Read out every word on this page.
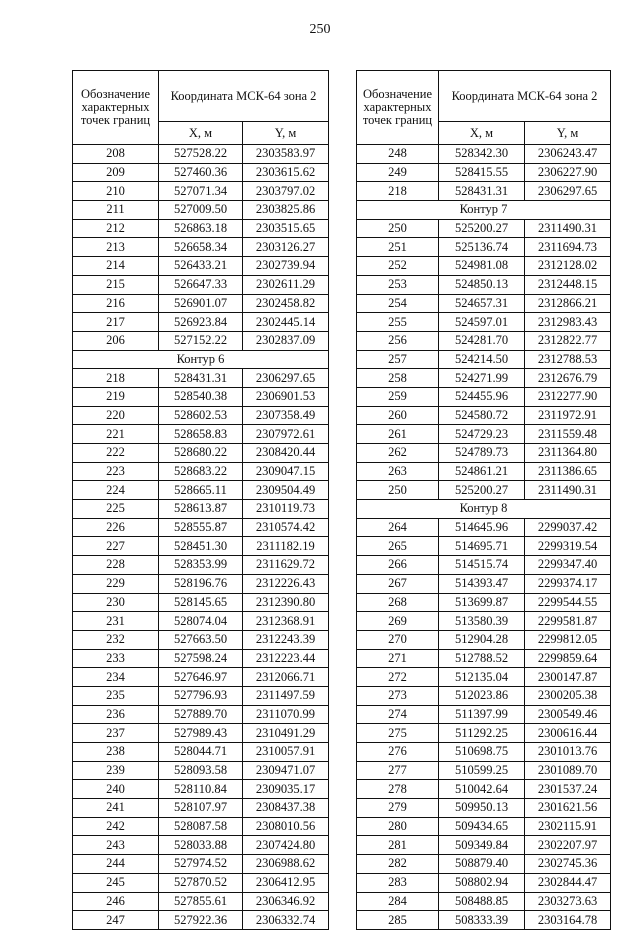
250
Обозначение характерных точек границ	Координата МСК-64 зона 2	
	X, м	Y, м
208	527528.22	2303583.97
209	527460.36	2303615.62
210	527071.34	2303797.02
211	527009.50	2303825.86
212	526863.18	2303515.65
213	526658.34	2303126.27
214	526433.21	2302739.94
215	526647.33	2302611.29
216	526901.07	2302458.82
217	526923.84	2302445.14
206	527152.22	2302837.09
Контур 6		
218	528431.31	2306297.65
219	528540.38	2306901.53
220	528602.53	2307358.49
221	528658.83	2307972.61
222	528680.22	2308420.44
223	528683.22	2309047.15
224	528665.11	2309504.49
225	528613.87	2310119.73
226	528555.87	2310574.42
227	528451.30	2311182.19
228	528353.99	2311629.72
229	528196.76	2312226.43
230	528145.65	2312390.80
231	528074.04	2312368.91
232	527663.50	2312243.39
233	527598.24	2312223.44
234	527646.97	2312066.71
235	527796.93	2311497.59
236	527889.70	2311070.99
237	527989.43	2310491.29
238	528044.71	2310057.91
239	528093.58	2309471.07
240	528110.84	2309035.17
241	528107.97	2308437.38
242	528087.58	2308010.56
243	528033.88	2307424.80
244	527974.52	2306988.62
245	527870.52	2306412.95
246	527855.61	2306346.92
247	527922.36	2306332.74
Обозначение характерных точек границ	Координата МСК-64 зона 2	
	X, м	Y, м
248	528342.30	2306243.47
249	528415.55	2306227.90
218	528431.31	2306297.65
Контур 7		
250	525200.27	2311490.31
251	525136.74	2311694.73
252	524981.08	2312128.02
253	524850.13	2312448.15
254	524657.31	2312866.21
255	524597.01	2312983.43
256	524281.70	2312822.77
257	524214.50	2312788.53
258	524271.99	2312676.79
259	524455.96	2312277.90
260	524580.72	2311972.91
261	524729.23	2311559.48
262	524789.73	2311364.80
263	524861.21	2311386.65
250	525200.27	2311490.31
Контур 8		
264	514645.96	2299037.42
265	514695.71	2299319.54
266	514515.74	2299347.40
267	514393.47	2299374.17
268	513699.87	2299544.55
269	513580.39	2299581.87
270	512904.28	2299812.05
271	512788.52	2299859.64
272	512135.04	2300147.87
273	512023.86	2300205.38
274	511397.99	2300549.46
275	511292.25	2300616.44
276	510698.75	2301013.76
277	510599.25	2301089.70
278	510042.64	2301537.24
279	509950.13	2301621.56
280	509434.65	2302115.91
281	509349.84	2302207.97
282	508879.40	2302745.36
283	508802.94	2302844.47
284	508488.85	2303273.63
285	508333.39	2303164.78
